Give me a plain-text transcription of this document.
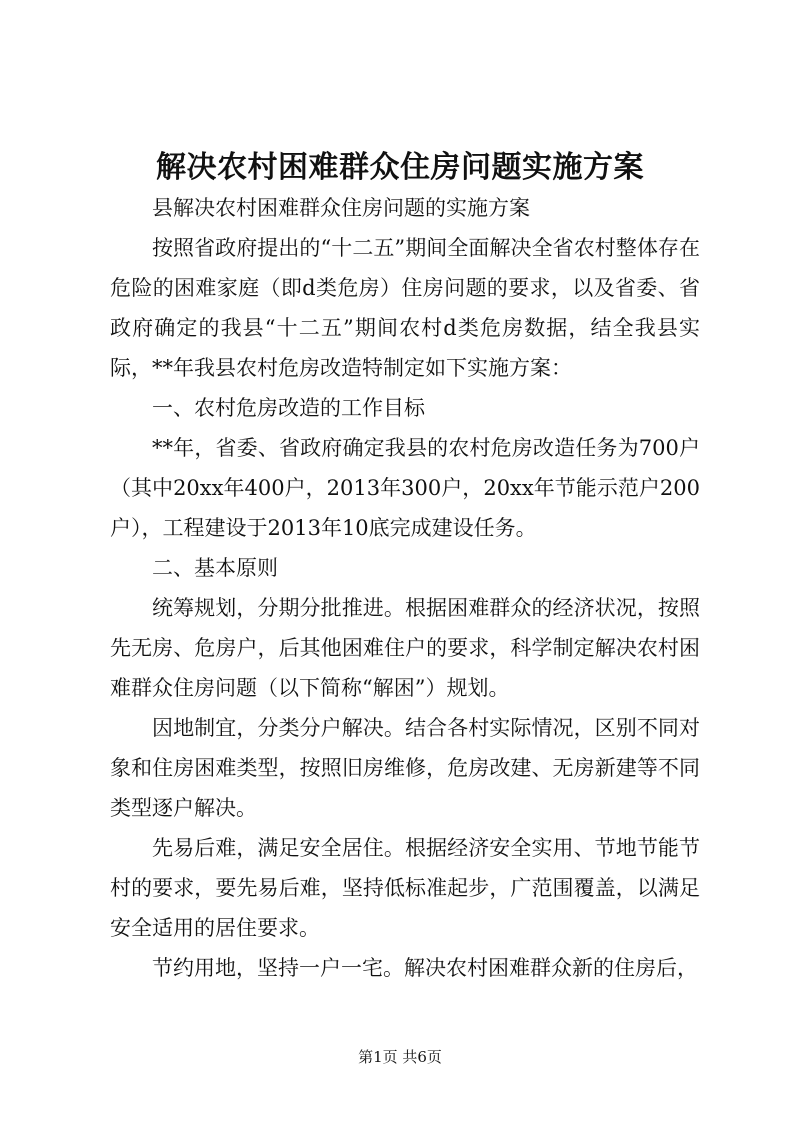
解决农村困难群众住房问题实施方案

县解决农村困难群众住房问题的实施方案

按照省政府提出的“十二五”期间全面解决全省农村整体存在危险的困难家庭（即d类危房）住房问题的要求，以及省委、省政府确定的我县“十二五”期间农村d类危房数据，结全我县实际，**年我县农村危房改造特制定如下实施方案：

一、农村危房改造的工作目标

**年，省委、省政府确定我县的农村危房改造任务为700户（其中20xx年400户，2013年300户，20xx年节能示范户200户），工程建设于2013年10底完成建设任务。

二、基本原则

统筹规划，分期分批推进。根据困难群众的经济状况，按照先无房、危房户，后其他困难住户的要求，科学制定解决农村困难群众住房问题（以下简称“解困”）规划。

因地制宜，分类分户解决。结合各村实际情况，区别不同对象和住房困难类型，按照旧房维修，危房改建、无房新建等不同类型逐户解决。

先易后难，满足安全居住。根据经济安全实用、节地节能节村的要求，要先易后难，坚持低标准起步，广范围覆盖，以满足安全适用的居住要求。

节约用地，坚持一户一宅。解决农村困难群众新的住房后，

第1页 共6页
